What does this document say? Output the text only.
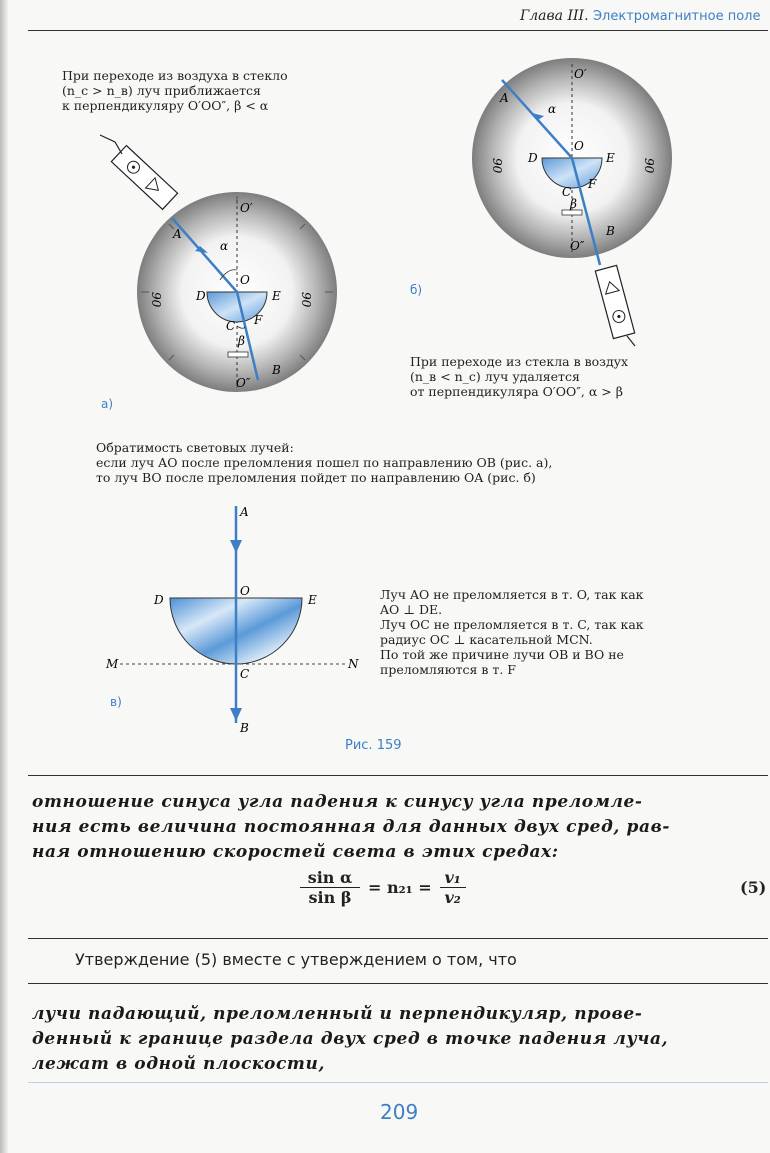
Глава III. Электромагнитное поле
При переходе из воздуха в стекло
(n_c > n_в) луч приближается
к перпендикуляру O′OO″, β < α
O′
A
α
O
D	E
C F
β
B
O″
90	90
а)
O′
A
α
O
D	E
C
F
β
B
O″
90	90
б)
При переходе из стекла в воздух
(n_в < n_c) луч удаляется
от перпендикуляра O′OO″, α > β
Обратимость световых лучей:
если луч AO после преломления пошел по направлению OB (рис. а),
то луч BO после преломления пойдет по направлению OA (рис. б)
A
O
D	E
M
C
N
B
в)
Луч AO не преломляется в т. O, так как
AO ⊥ DE.
Луч OC не преломляется в т. C, так как
радиус OC ⊥ касательной MCN.
По той же причине лучи OB и BO не
преломляются в т. F
Рис. 159
отношение синуса угла падения к синусу угла преломле-
ния есть величина постоянная для данных двух сред, рав-
ная отношению скоростей света в этих средах:
sin α
sin β
= n₂₁ =
v₁
v₂
(5)
Утверждение (5) вместе с утверждением о том, что
лучи падающий, преломленный и перпендикуляр, прове-
денный к границе раздела двух сред в точке падения луча,
лежат в одной плоскости,
209
